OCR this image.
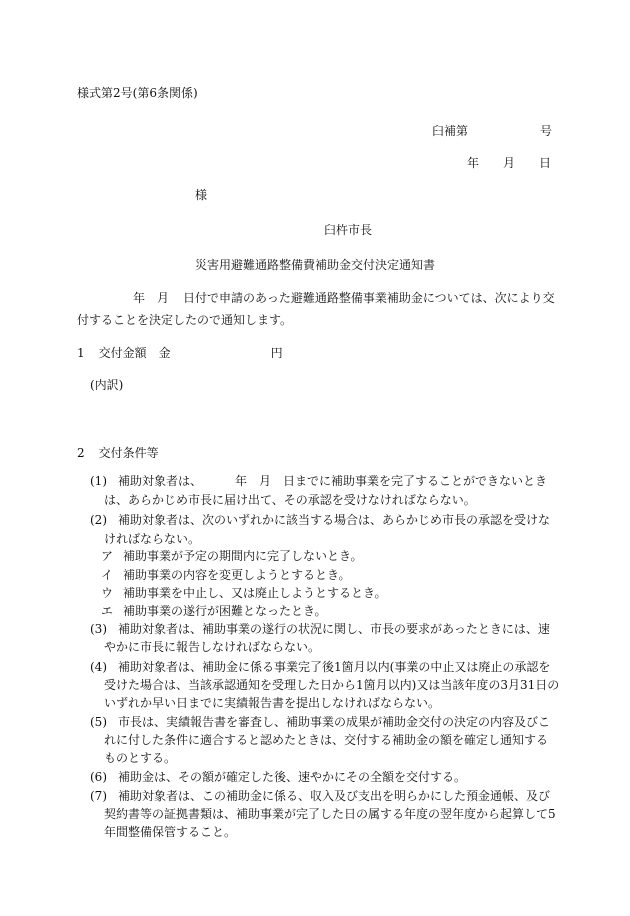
様式第2号(第6条関係)
臼補第	号
年 月 日
様
臼杵市長
災害用避難通路整備費補助金交付決定通知書
年 月 日付で申請のあった避難通路整備事業補助金については、次により交
付することを決定したので通知します。
1 交付金額 金	円
(内訳)
2 交付条件等
(1) 補助対象者は、	年 月 日までに補助事業を完了することができないとき
は、あらかじめ市長に届け出て、その承認を受けなければならない。
(2) 補助対象者は、次のいずれかに該当する場合は、あらかじめ市長の承認を受けな
ければならない。
ア 補助事業が予定の期間内に完了しないとき。
イ 補助事業の内容を変更しようとするとき。
ウ 補助事業を中止し、又は廃止しようとするとき。
エ 補助事業の遂行が困難となったとき。
(3) 補助対象者は、補助事業の遂行の状況に関し、市長の要求があったときには、速
やかに市長に報告しなければならない。
(4) 補助対象者は、補助金に係る事業完了後1箇月以内(事業の中止又は廃止の承認を
受けた場合は、当該承認通知を受理した日から1箇月以内)又は当該年度の3月31日の
いずれか早い日までに実績報告書を提出しなければならない。
(5) 市長は、実績報告書を審査し、補助事業の成果が補助金交付の決定の内容及びこ
れに付した条件に適合すると認めたときは、交付する補助金の額を確定し通知する
ものとする。
(6) 補助金は、その額が確定した後、速やかにその全額を交付する。
(7) 補助対象者は、この補助金に係る、収入及び支出を明らかにした預金通帳、及び
契約書等の証拠書類は、補助事業が完了した日の属する年度の翌年度から起算して5
年間整備保管すること。
